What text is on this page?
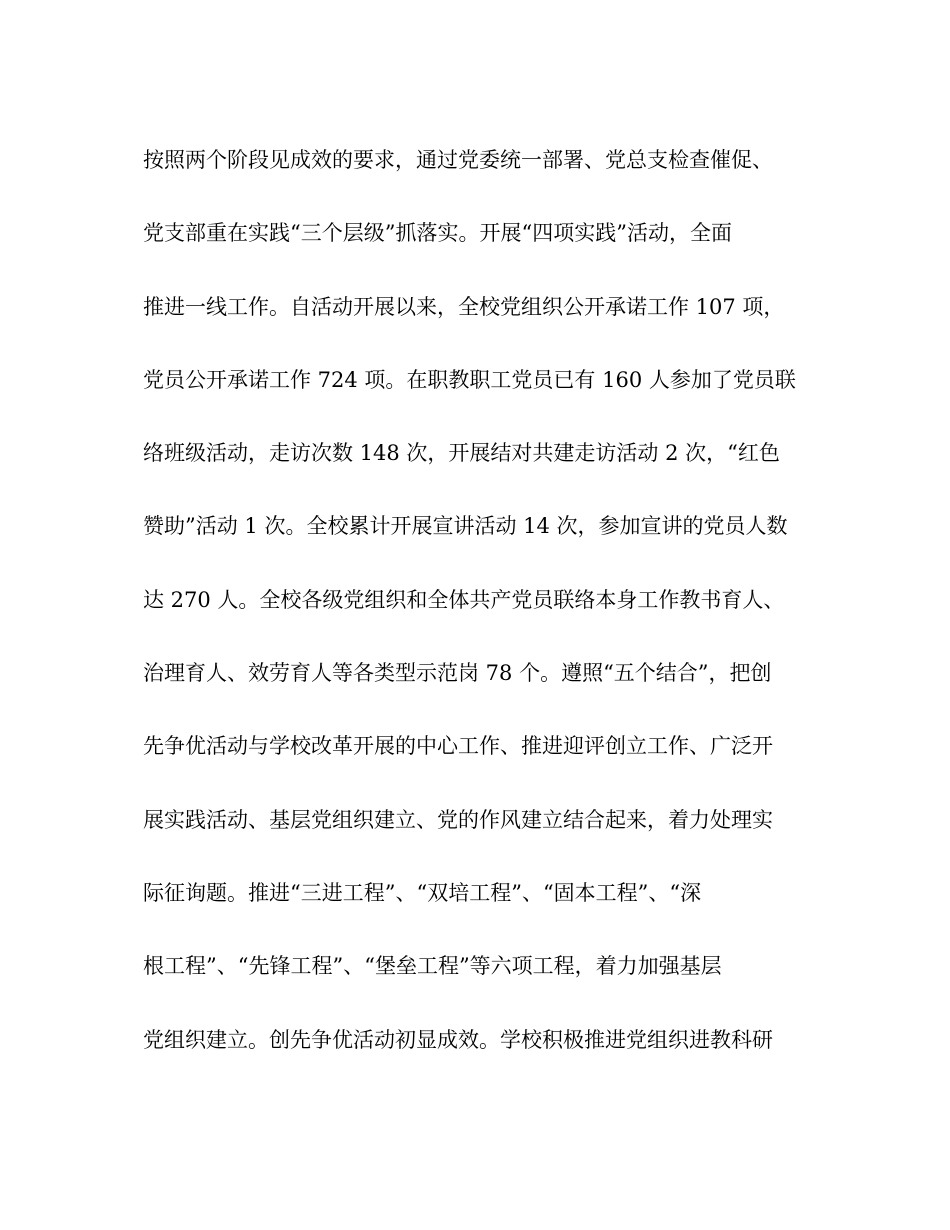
按照两个阶段见成效的要求，通过党委统一部署、党总支检查催促、
党支部重在实践“三个层级”抓落实。开展“四项实践”活动，全面
推进一线工作。自活动开展以来，全校党组织公开承诺工作 107 项，
党员公开承诺工作 724 项。在职教职工党员已有 160 人参加了党员联
络班级活动，走访次数 148 次，开展结对共建走访活动 2 次，“红色
赞助”活动 1 次。全校累计开展宣讲活动 14 次，参加宣讲的党员人数
达 270 人。全校各级党组织和全体共产党员联络本身工作教书育人、
治理育人、效劳育人等各类型示范岗 78 个。遵照“五个结合”，把创
先争优活动与学校改革开展的中心工作、推进迎评创立工作、广泛开
展实践活动、基层党组织建立、党的作风建立结合起来，着力处理实
际征询题。推进“三进工程”、“双培工程”、“固本工程”、“深
根工程”、“先锋工程”、“堡垒工程”等六项工程，着力加强基层
党组织建立。创先争优活动初显成效。学校积极推进党组织进教科研
